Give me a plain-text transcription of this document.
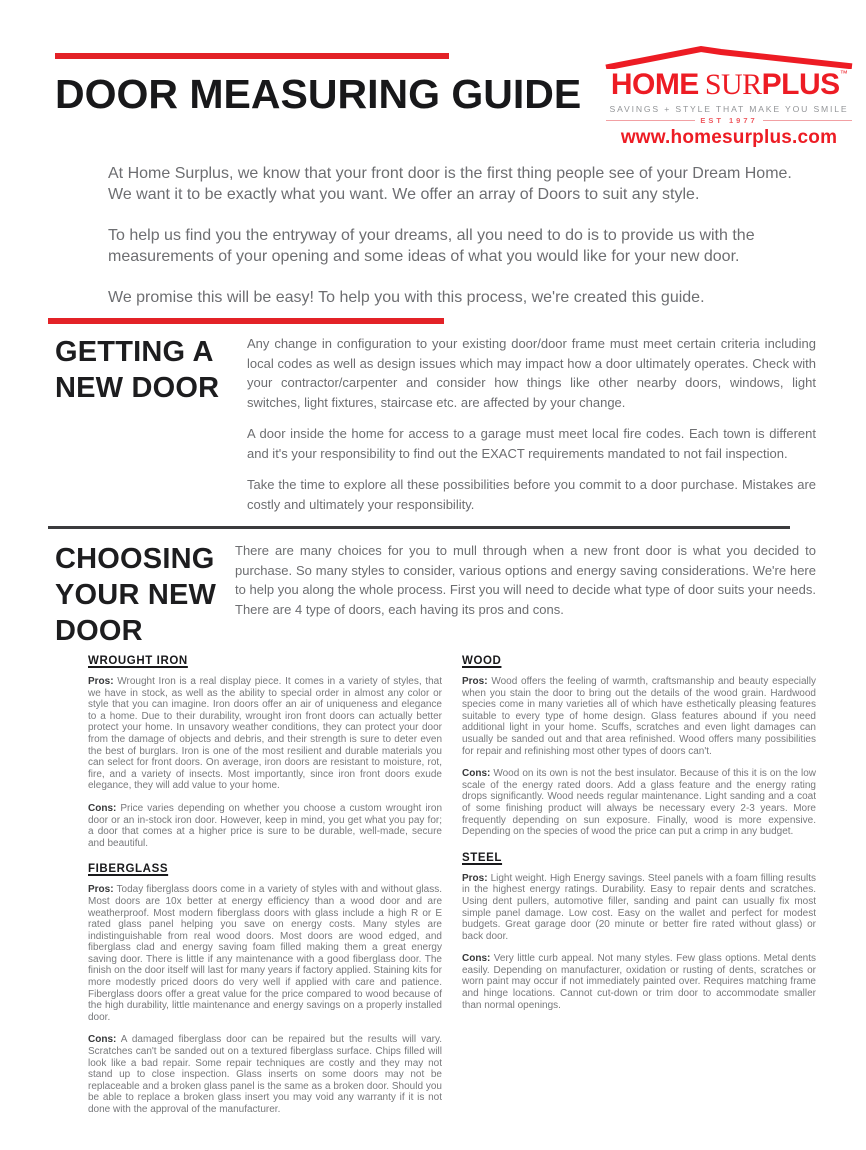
DOOR MEASURING GUIDE HOME SURPLUS™
SAVINGS + STYLE THAT MAKE YOU SMILE
EST 1977
www.homesurplus.com

At Home Surplus, we know that your front door is the first thing people see of your Dream Home.

We want it to be exactly what you want. We offer an array of Doors to suit any style.

To help us find you the entryway of your dreams, all you need to do is to provide us with the measurements of your opening and some ideas of what you would like for your new door.

We promise this will be easy! To help you with this process, we're created this guide.

GETTING A
NEW DOOR

Any change in configuration to your existing door/door frame must meet certain criteria including local codes as well as design issues which may impact how a door ultimately operates. Check with your contractor/carpenter and consider how things like other nearby doors, windows, light switches, light fixtures, staircase etc. are affected by your change.

A door inside the home for access to a garage must meet local fire codes. Each town is different and it's your responsibility to find out the EXACT requirements mandated to not fail inspection.

Take the time to explore all these possibilities before you commit to a door purchase. Mistakes are costly and ultimately your responsibility.

CHOOSING
YOUR NEW
DOOR

There are many choices for you to mull through when a new front door is what you decided to purchase. So many styles to consider, various options and energy saving considerations. We're here to help you along the whole process. First you will need to decide what type of door suits your needs. There are 4 type of doors, each having its pros and cons.

WROUGHT IRON

Pros: Wrought Iron is a real display piece. It comes in a variety of styles, that we have in stock, as well as the ability to special order in almost any color or style that you can imagine. Iron doors offer an air of uniqueness and elegance to a home. Due to their durability, wrought iron front doors can actually better protect your home. In unsavory weather conditions, they can protect your door from the damage of objects and debris, and their strength is sure to deter even the best of burglars. Iron is one of the most resilient and durable materials you can select for front doors. On average, iron doors are resistant to moisture, rot, fire, and a variety of insects. Most importantly, since iron front doors exude elegance, they will add value to your home.

Cons: Price varies depending on whether you choose a custom wrought iron door or an in-stock iron door. However, keep in mind, you get what you pay for; a door that comes at a higher price is sure to be durable, well-made, secure and beautiful.

FIBERGLASS

Pros: Today fiberglass doors come in a variety of styles with and without glass. Most doors are 10x better at energy efficiency than a wood door and are weatherproof. Most modern fiberglass doors with glass include a high R or E rated glass panel helping you save on energy costs. Many styles are indistinguishable from real wood doors. Most doors are wood edged, and fiberglass clad and energy saving foam filled making them a great energy saving door. There is little if any maintenance with a good fiberglass door. The finish on the door itself will last for many years if factory applied. Staining kits for more modestly priced doors do very well if applied with care and patience. Fiberglass doors offer a great value for the price compared to wood because of the high durability, little maintenance and energy savings on a properly installed door.

Cons: A damaged fiberglass door can be repaired but the results will vary. Scratches can't be sanded out on a textured fiberglass surface. Chips filled will look like a bad repair. Some repair techniques are costly and they may not stand up to close inspection. Glass inserts on some doors may not be replaceable and a broken glass panel is the same as a broken door. Should you be able to replace a broken glass insert you may void any warranty if it is not done with the approval of the manufacturer.

WOOD

Pros: Wood offers the feeling of warmth, craftsmanship and beauty especially when you stain the door to bring out the details of the wood grain. Hardwood species come in many varieties all of which have esthetically pleasing features suitable to every type of home design. Glass features abound if you need additional light in your home. Scuffs, scratches and even light damages can usually be sanded out and that area refinished. Wood offers many possibilities for repair and refinishing most other types of doors can't.

Cons: Wood on its own is not the best insulator. Because of this it is on the low scale of the energy rated doors. Add a glass feature and the energy rating drops significantly. Wood needs regular maintenance. Light sanding and a coat of some finishing product will always be necessary every 2-3 years. More frequently depending on sun exposure. Finally, wood is more expensive. Depending on the species of wood the price can put a crimp in any budget.

STEEL

Pros: Light weight. High Energy savings. Steel panels with a foam filling results in the highest energy ratings. Durability. Easy to repair dents and scratches. Using dent pullers, automotive filler, sanding and paint can usually fix most simple panel damage. Low cost. Easy on the wallet and perfect for modest budgets. Great garage door (20 minute or better fire rated without glass) or back door.

Cons: Very little curb appeal. Not many styles. Few glass options. Metal dents easily. Depending on manufacturer, oxidation or rusting of dents, scratches or worn paint may occur if not immediately painted over. Requires matching frame and hinge locations. Cannot cut-down or trim door to accommodate smaller than normal openings.
